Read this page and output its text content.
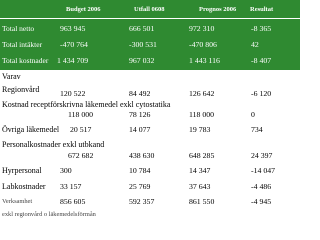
Budget 2006	Utfall 0608	Prognos 2006 Resultat
Total netto	963 945	666 501	972 310	-8 365
Total intäkter -470 764	-300 531	-470 806	42
Total kostnader 1 434 709	967 032	1 443 116	-8 407
Varav
Regionvård	120 522	84 492	126 642	-6 120
Kostnad receptförskrivna läkemedel exkl cytostatika
118 000	78 126	118 000	0
Övriga läkemedel 20 517	14 077	19 783	734
Personalkostnader exkl utbkand
672 682	438 630	648 285	24 397
Hyrpersonal 300	10 784	14 347	-14 047
Labkostnader 33 157	25 769	37 643	-4 486
Verksamhet	856 605	592 357	861 550	-4 945
exkl regionvård o läkemedelsförmån
